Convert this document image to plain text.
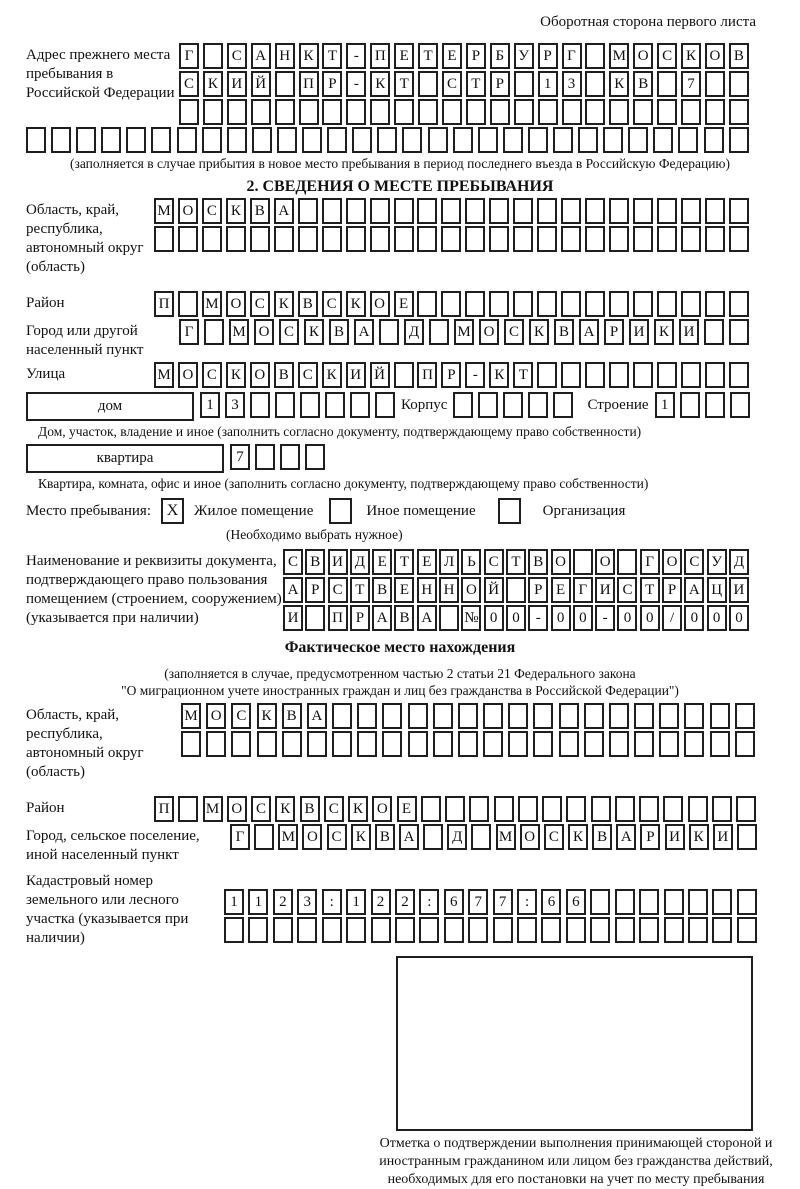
Оборотная сторона первого листа
Адрес прежнего места пребывания в Российской Федерации
Г	С А Н К Т	-	П Е Т Е	Р	Б У Р	Г	М О С К О В
С К И Й	П Р	-	К Т	С Т	Р	1	3	К В	7
(заполняется в случае прибытия в новое место пребывания в период последнего въезда в Российскую Федерацию)
2. СВЕДЕНИЯ О МЕСТЕ ПРЕБЫВАНИЯ
Область, край, республика, автономный округ (область)
М О С К В А
Район	П	М О С К В С К О Е
Город или другой населенный пункт
Г	М О С К В А	Д	М О С К В А	Р	И К И
Улица	М О С К О В С К И Й	П Р	-	К Т
дом	1	3	Корпус	Строение 1
Дом, участок, владение и иное (заполнить согласно документу, подтверждающему право собственности)
квартира	7
Квартира, комната, офис и иное (заполнить согласно документу, подтверждающему право собственности)
Место пребывания: X	Жилое помещение	Иное помещение	Организация
(Необходимо выбрать нужное)
Наименование и реквизиты документа, подтверждающего право пользования помещением (строением, сооружением) (указывается при наличии)
С В И Д Е Т Е Л Ь С Т В О	О	Г О С У Д
А Р С Т В Е Н Н О Й	Р Е Г И С Т Р А Ц И
И	П Р А В А	№ 0 0	-	0 0	-	0 0	/	0 0 0
Фактическое место нахождения
(заполняется в случае, предусмотренном частью 2 статьи 21 Федерального закона
"О миграционном учете иностранных граждан и лиц без гражданства в Российской Федерации")
Область, край, республика, автономный округ (область)
М О С	К	В А
Район	П	М О С К В С К О Е
Город, сельское поселение, иной населенный пункт
Г	М О С К В А	Д	М О С К В А Р И К И
Кадастровый номер земельного или лесного участка (указывается при наличии)
1	1	2	3	:	1	2	2	:	6	7	7	:	6	6
Отметка о подтверждении выполнения принимающей стороной и иностранным гражданином или лицом без гражданства действий, необходимых для его постановки на учет по месту пребывания
